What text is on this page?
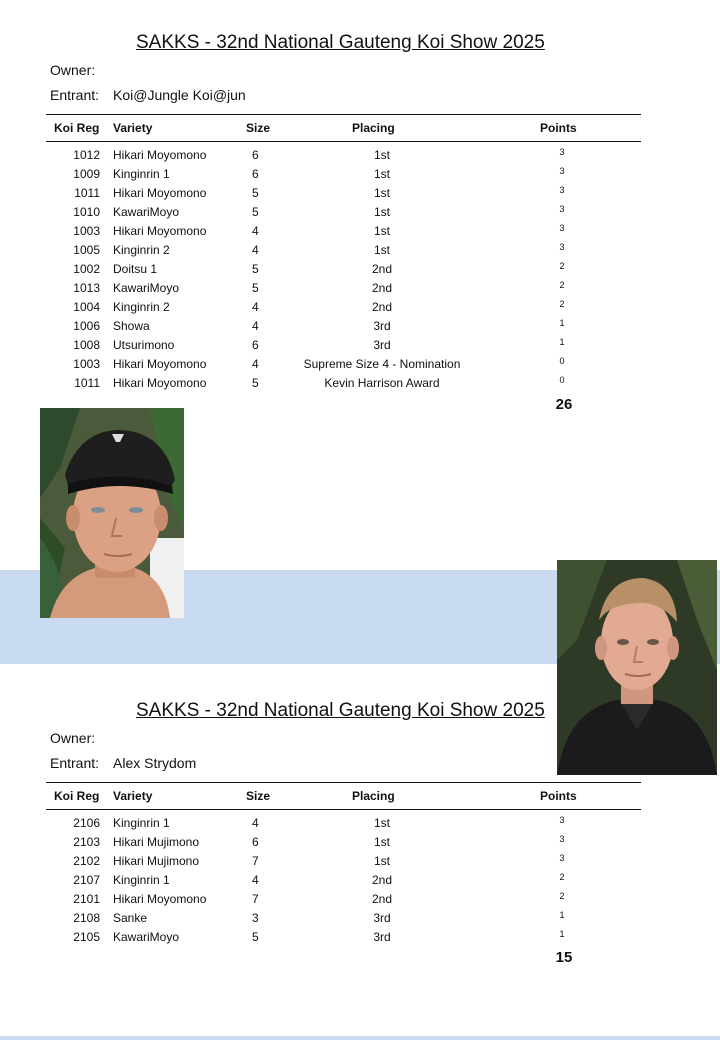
SAKKS - 32nd National Gauteng Koi Show 2025
Owner:
Entrant: Koi@Jungle Koi@jun
Koi Reg Variety	Size	Placing	Points
1012 Hikari Moyomono	6	1st	3
1009 Kinginrin 1	6	1st	3
1011 Hikari Moyomono	5	1st	3
1010 KawariMoyo	5	1st	3
1003 Hikari Moyomono	4	1st	3
1005 Kinginrin 2	4	1st	3
1002 Doitsu 1	5	2nd	2
1013 KawariMoyo	5	2nd	2
1004 Kinginrin 2	4	2nd	2
1006 Showa	4	3rd	1
1008 Utsurimono	6	3rd	1
1003 Hikari Moyomono	4	Supreme Size 4 - Nomination	0
1011 Hikari Moyomono	5	Kevin Harrison Award	0
26
SAKKS - 32nd National Gauteng Koi Show 2025
Owner:
Entrant: Alex Strydom
Koi Reg Variety	Size	Placing	Points
2106 Kinginrin 1	4	1st	3
2103 Hikari Mujimono	6	1st	3
2102 Hikari Mujimono	7	1st	3
2107 Kinginrin 1	4	2nd	2
2101 Hikari Moyomono	7	2nd	2
2108 Sanke	3	3rd	1
2105 KawariMoyo	5	3rd	1
15
